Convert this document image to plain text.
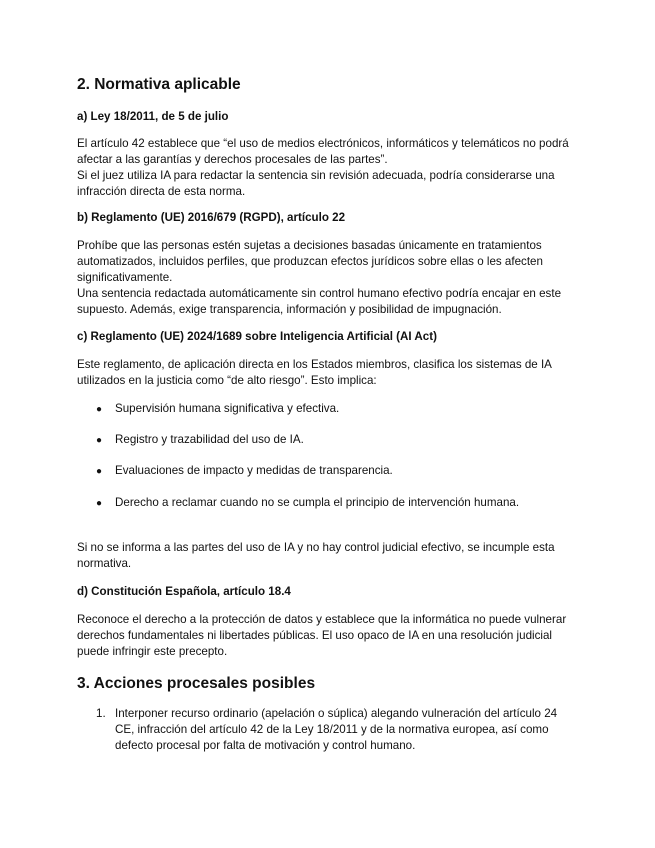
2. Normativa aplicable
a) Ley 18/2011, de 5 de julio
El artículo 42 establece que “el uso de medios electrónicos, informáticos y telemáticos no podrá
afectar a las garantías y derechos procesales de las partes”.
Si el juez utiliza IA para redactar la sentencia sin revisión adecuada, podría considerarse una
infracción directa de esta norma.
b) Reglamento (UE) 2016/679 (RGPD), artículo 22
Prohíbe que las personas estén sujetas a decisiones basadas únicamente en tratamientos
automatizados, incluidos perfiles, que produzcan efectos jurídicos sobre ellas o les afecten
significativamente.
Una sentencia redactada automáticamente sin control humano efectivo podría encajar en este
supuesto. Además, exige transparencia, información y posibilidad de impugnación.
c) Reglamento (UE) 2024/1689 sobre Inteligencia Artificial (AI Act)
Este reglamento, de aplicación directa en los Estados miembros, clasifica los sistemas de IA
utilizados en la justicia como “de alto riesgo”. Esto implica:
● Supervisión humana significativa y efectiva.
● Registro y trazabilidad del uso de IA.
● Evaluaciones de impacto y medidas de transparencia.
● Derecho a reclamar cuando no se cumpla el principio de intervención humana.
Si no se informa a las partes del uso de IA y no hay control judicial efectivo, se incumple esta
normativa.
d) Constitución Española, artículo 18.4
Reconoce el derecho a la protección de datos y establece que la informática no puede vulnerar
derechos fundamentales ni libertades públicas. El uso opaco de IA en una resolución judicial
puede infringir este precepto.
3. Acciones procesales posibles
1. Interponer recurso ordinario (apelación o súplica) alegando vulneración del artículo 24
CE, infracción del artículo 42 de la Ley 18/2011 y de la normativa europea, así como
defecto procesal por falta de motivación y control humano.
